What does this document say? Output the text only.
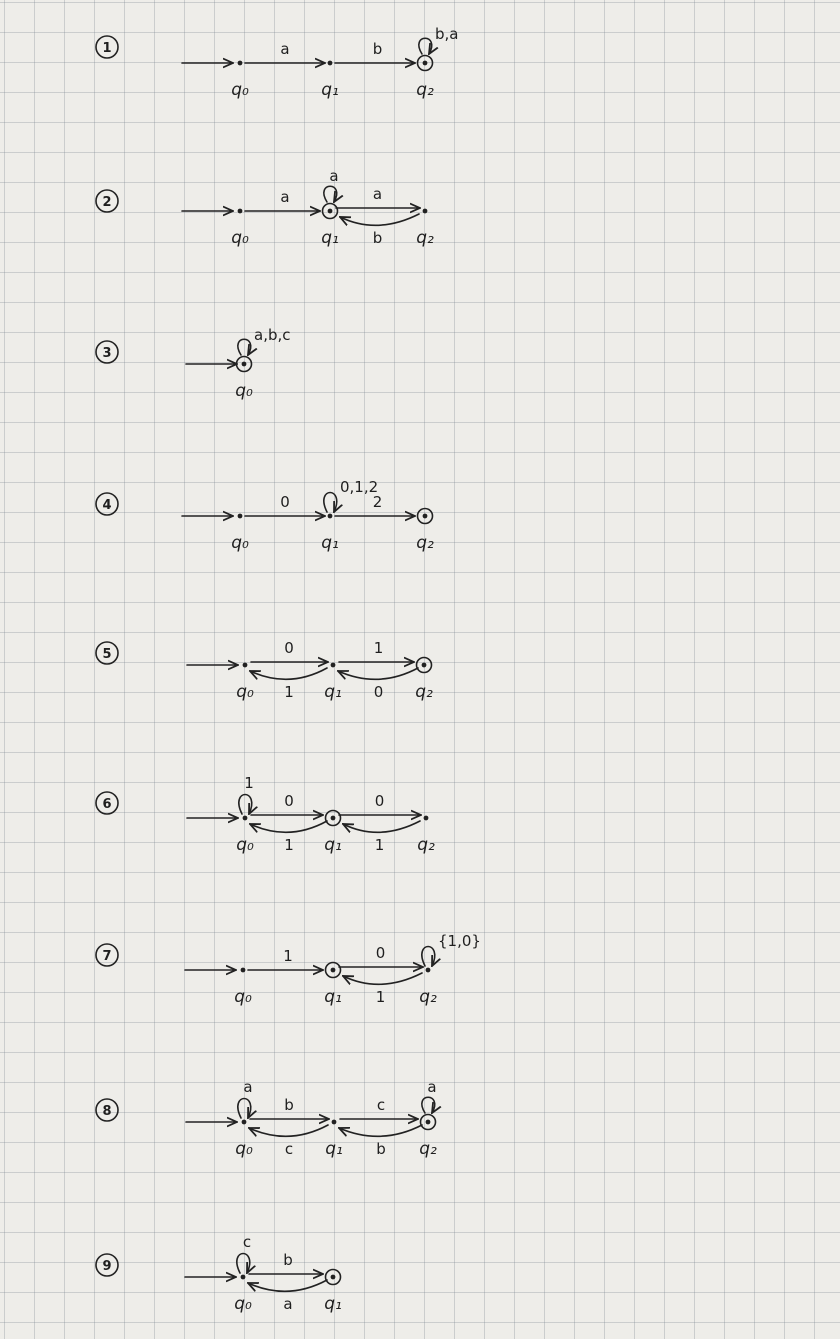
1
q₀	q₁	q₂
a	b
b,a
2
q₀	q₁	q₂
a
a
a
b
3
q₀
a,b,c
4
q₀	q₁	q₂
0
0,1,2
2
5
q₀	q₁	q₂
0
1
1
0
6
q₀	q₁	q₂
1
0
1
0
1
7
q₀	q₁	q₂
1	0
1
{1,0}
8
q₀	q₁	q₂
a
b
c
c
b
a
9
q₀	q₁
c
b
a
